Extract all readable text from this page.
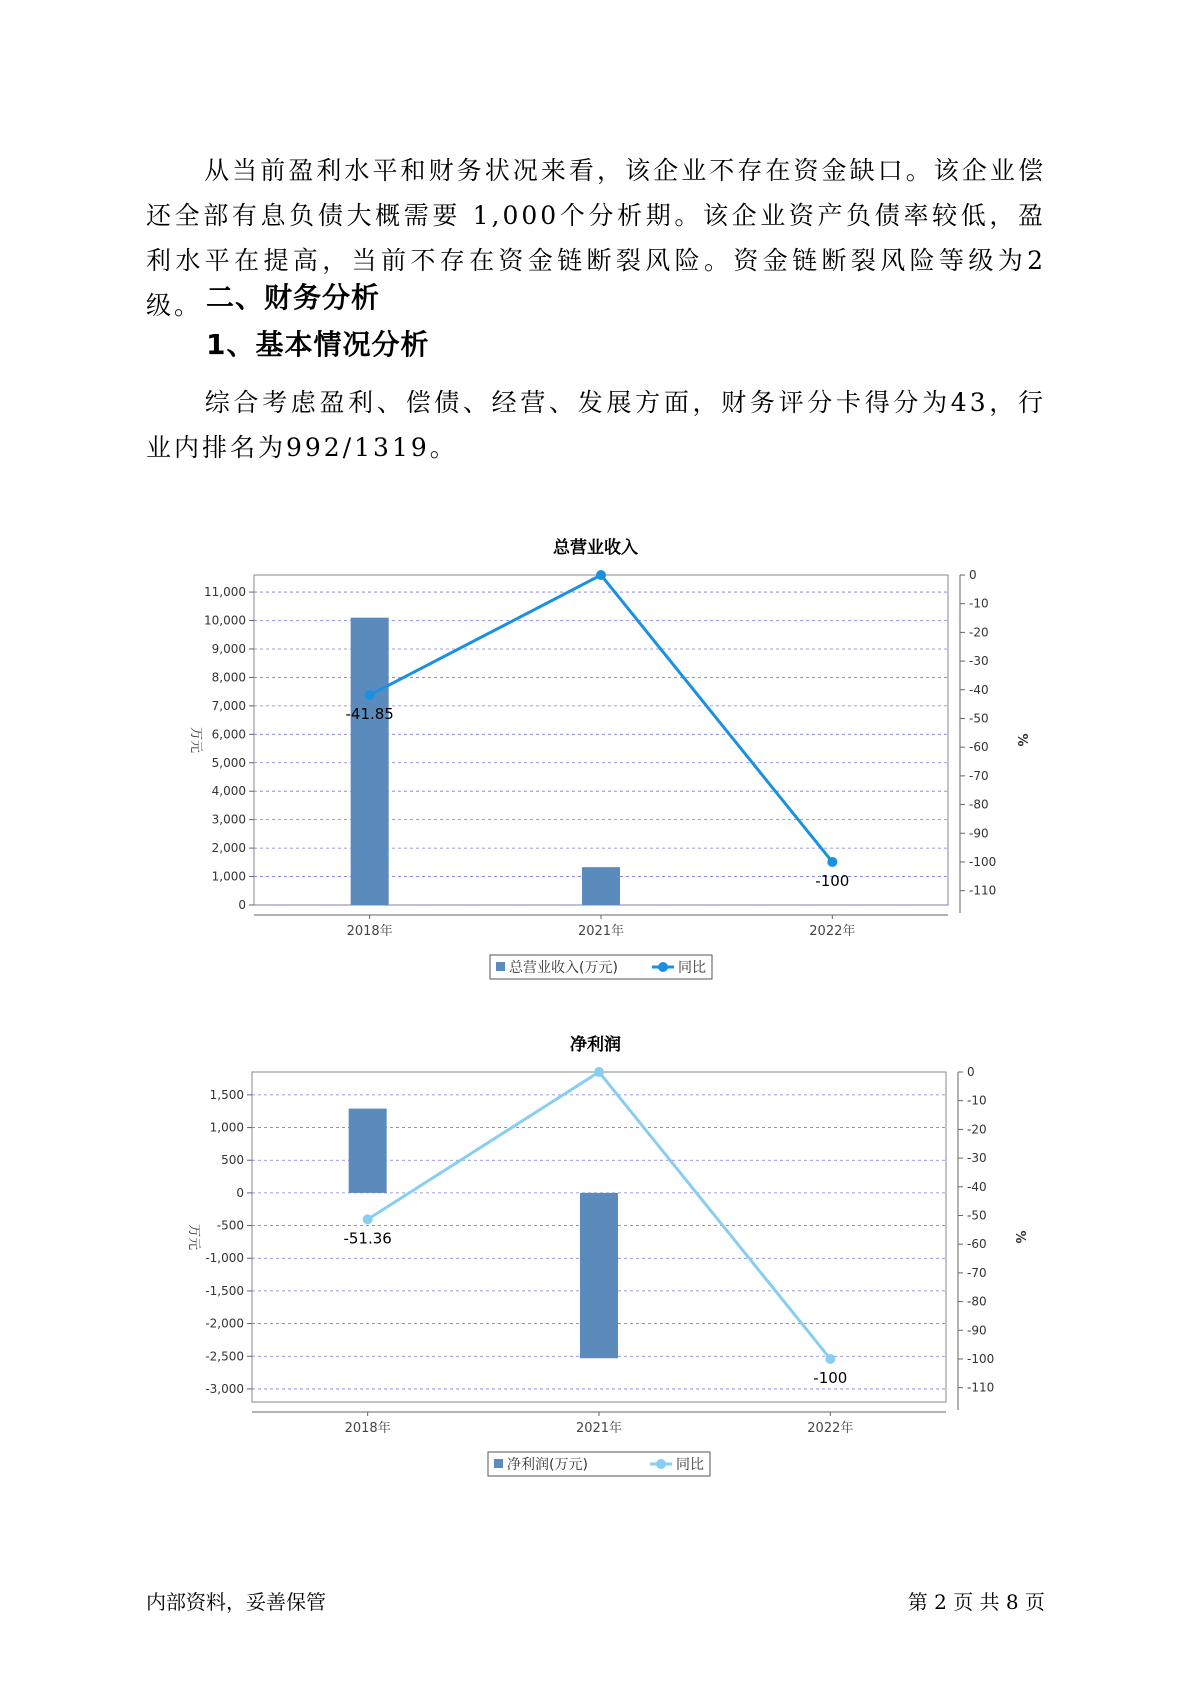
从当前盈利水平和财务状况来看，该企业不存在资金缺口。该企业偿还全部有息负债大概需要 1,000个分析期。该企业资产负债率较低，盈利水平在提高，当前不存在资金链断裂风险。资金链断裂风险等级为2级。 二、财务分析
1、基本情况分析
综合考虑盈利、偿债、经营、发展方面，财务评分卡得分为43，行业内排名为992/1319。
总营业收入
0
1,000
2,000
3,000
4,000
5,000
6,000
7,000
8,000
9,000
10,000
11,000
0
-10
-20
-30
-40
-50
-60
-70
-80
-90
-100
-110
2018年	2021年	2022年
万元	%
-41.85
-100
总营业收入(万元)	同比
净利润
-3,000
-2,500
-2,000
-1,500
-1,000
-500
0
500
1,000
1,500
0
-10
-20
-30
-40
-50
-60
-70
-80
-90
-100
-110
2018年	2021年	2022年
万元	%
-51.36
-100
净利润(万元)	同比
内部资料，妥善保管	第 2 页 共 8 页
